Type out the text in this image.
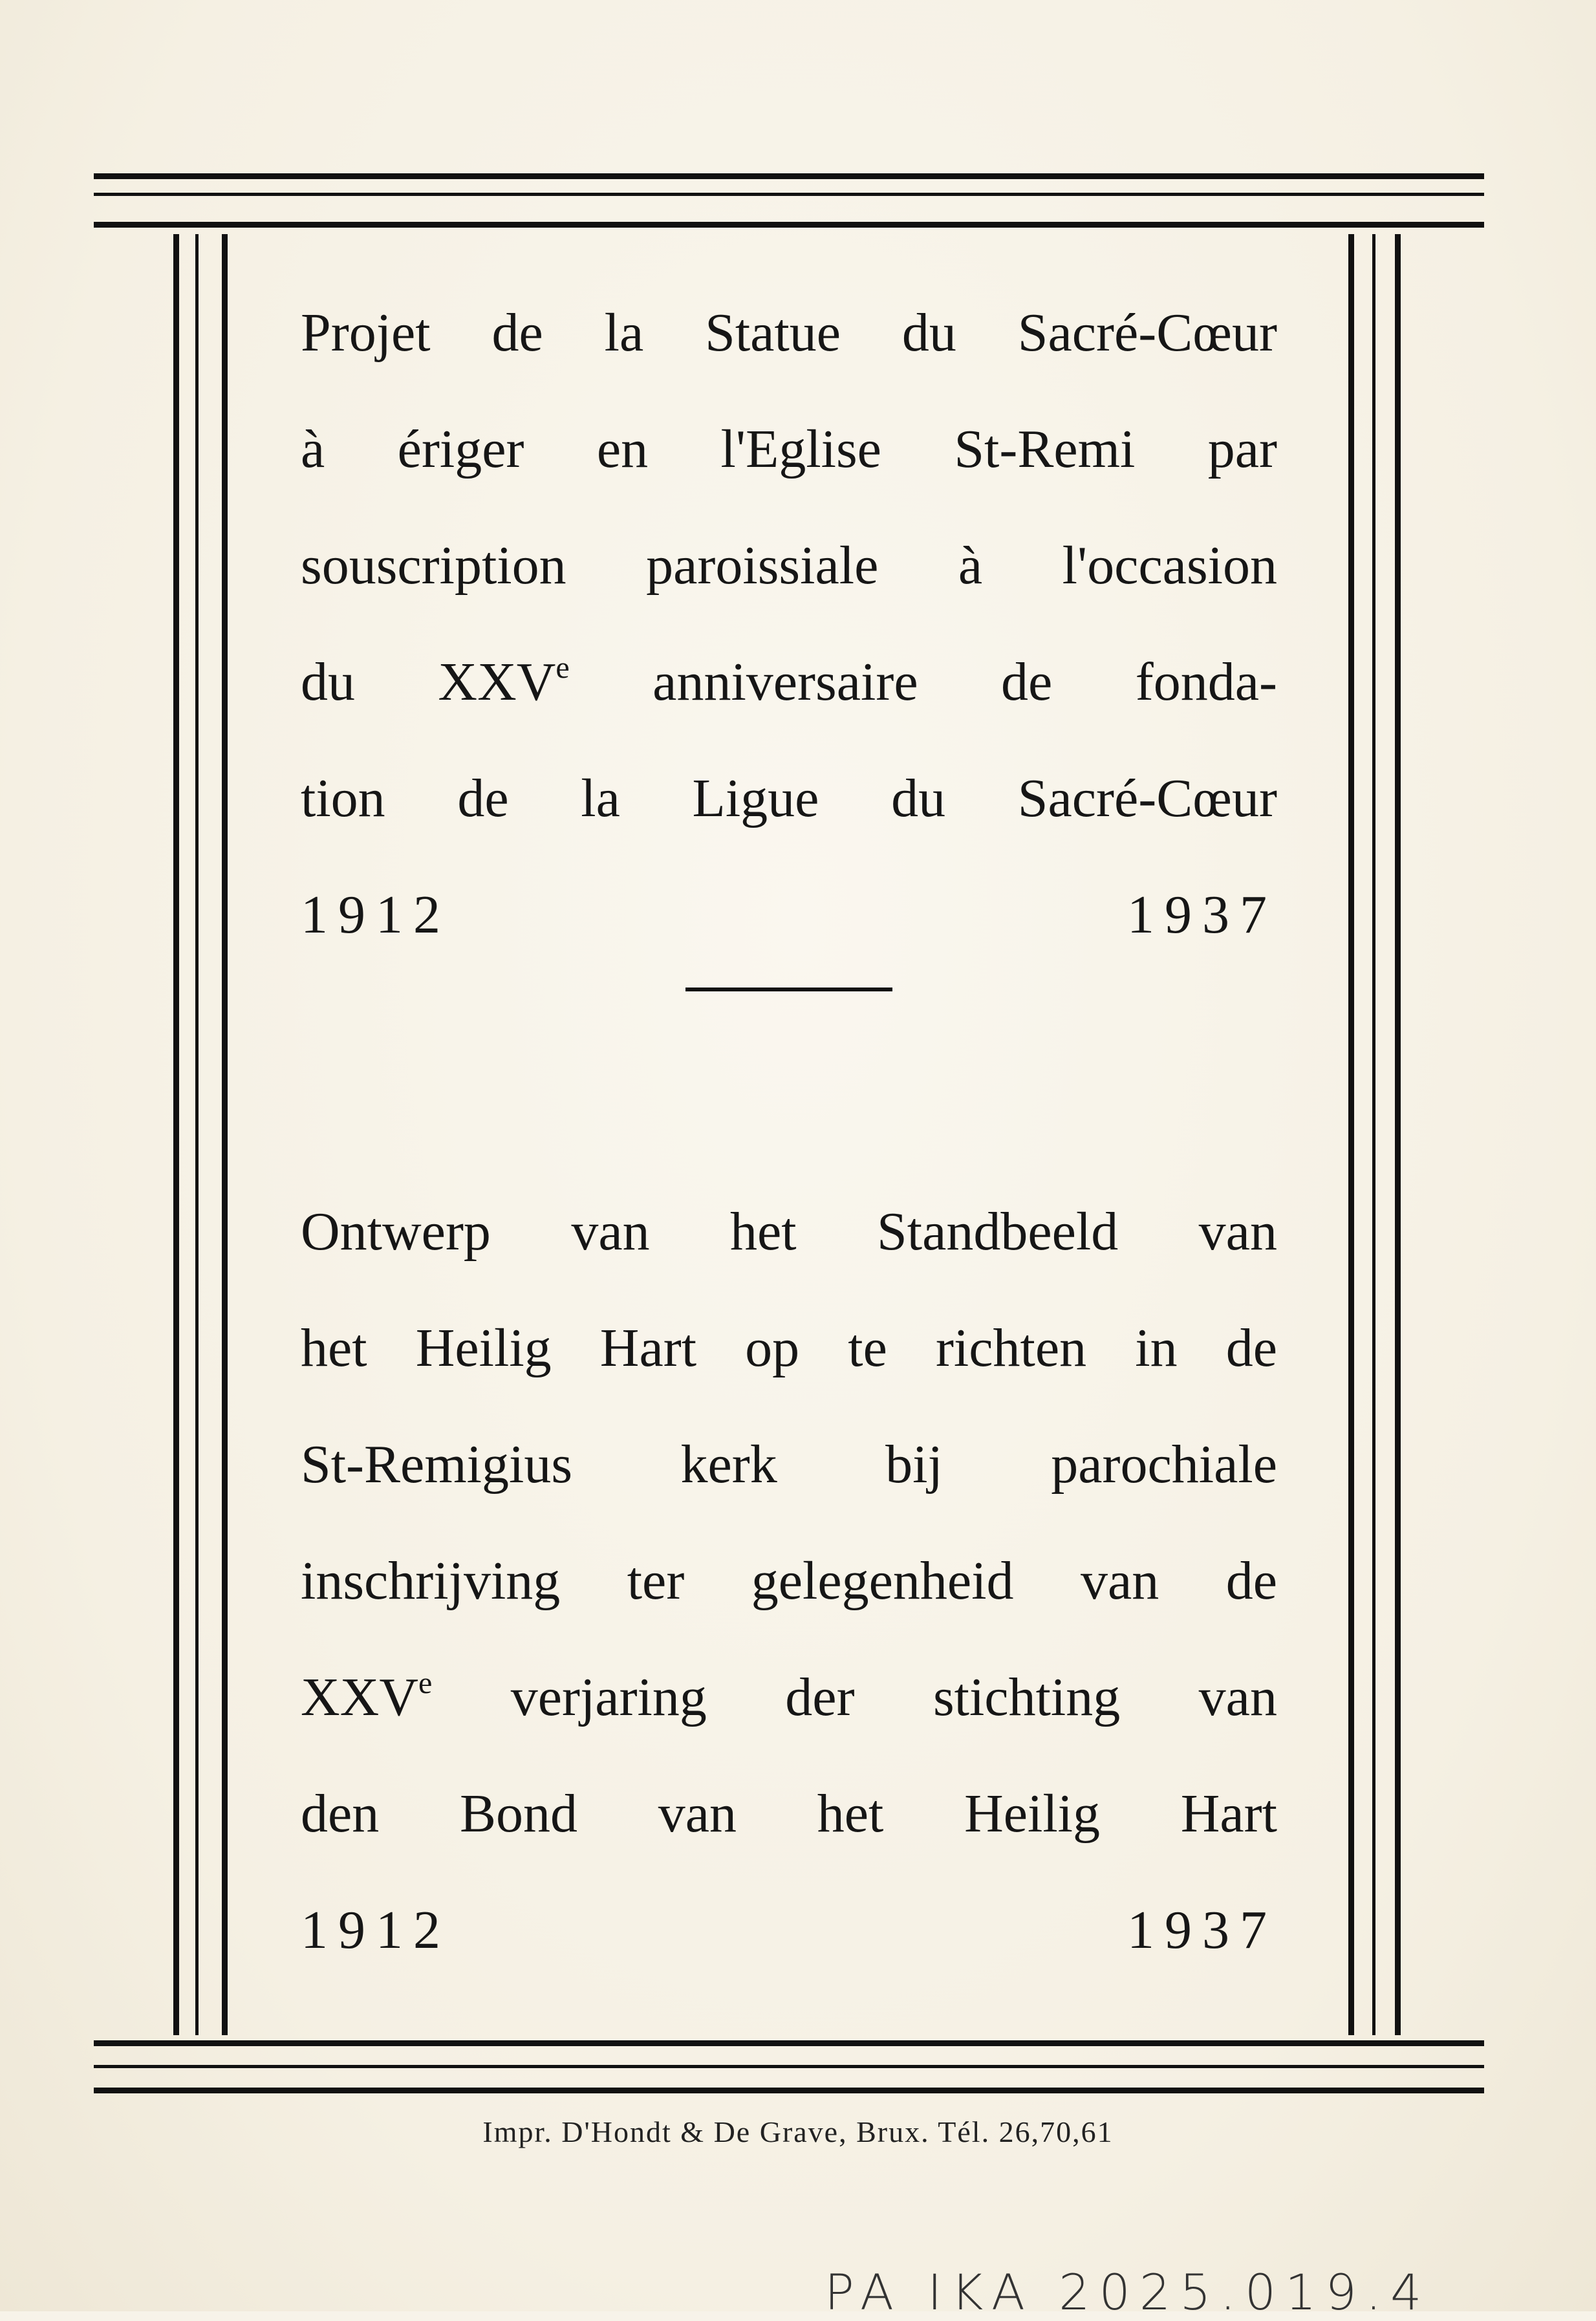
Projet de la Statue du Sacré-Cœur
à ériger en l'Eglise St-Remi par
souscription paroissiale à l'occasion
du XXVe anniversaire de fonda-
tion de la Ligue du Sacré-Cœur
1912	1937
Ontwerp van het Standbeeld van
het Heilig Hart op te richten in de
St-Remigius kerk bij parochiale
inschrijving ter gelegenheid van de
XXVe verjaring der stichting van
den Bond van het Heilig Hart
1912	1937
Impr. D'Hondt & De Grave, Brux. Tél. 26,70,61
PA IKA 2025.019.4
